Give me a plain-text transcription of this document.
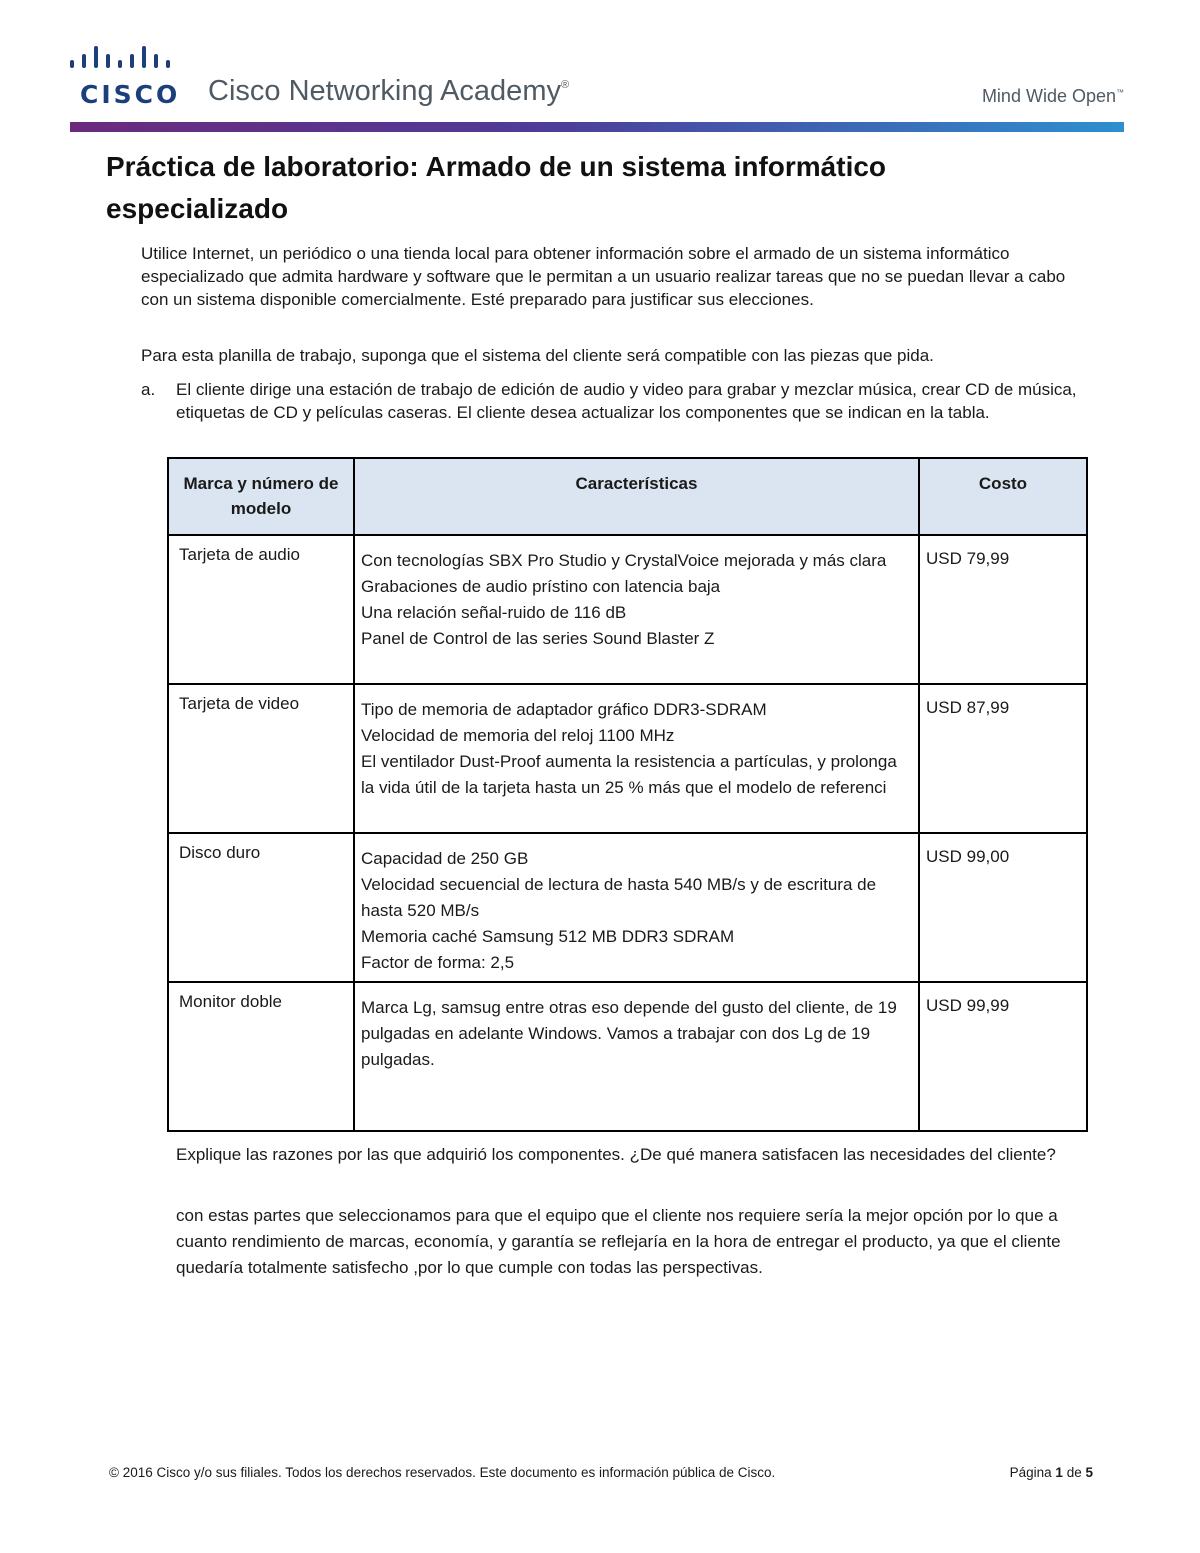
CISCO Cisco Networking Academy®
Mind Wide Open™
Práctica de laboratorio: Armado de un sistema informático especializado

Utilice Internet, un periódico o una tienda local para obtener información sobre el armado de un sistema informático especializado que admita hardware y software que le permitan a un usuario realizar tareas que no se puedan llevar a cabo con un sistema disponible comercialmente. Esté preparado para justificar sus elecciones.

Para esta planilla de trabajo, suponga que el sistema del cliente será compatible con las piezas que pida.

a. El cliente dirige una estación de trabajo de edición de audio y video para grabar y mezclar música, crear CD de música, etiquetas de CD y películas caseras. El cliente desea actualizar los componentes que se indican en la tabla.
Marca y número de modelo	Características	Costo
Tarjeta de audio	Con tecnologías SBX Pro Studio y CrystalVoice mejorada y más clara
Grabaciones de audio prístino con latencia baja
Una relación señal-ruido de 116 dB
Panel de Control de las series Sound Blaster Z	USD 79,99
Tarjeta de video	Tipo de memoria de adaptador gráfico DDR3-SDRAM
Velocidad de memoria del reloj 1100 MHz
El ventilador Dust-Proof aumenta la resistencia a partículas, y prolonga la vida útil de la tarjeta hasta un 25 % más que el modelo de referenci	USD 87,99
Disco duro	Capacidad de 250 GB
Velocidad secuencial de lectura de hasta 540 MB/s y de escritura de hasta 520 MB/s
Memoria caché Samsung 512 MB DDR3 SDRAM
Factor de forma: 2,5	USD 99,00
Monitor doble	Marca Lg, samsug entre otras eso depende del gusto del cliente, de 19 pulgadas en adelante Windows. Vamos a trabajar con dos Lg de 19 pulgadas.	USD 99,99

Explique las razones por las que adquirió los componentes. ¿De qué manera satisfacen las necesidades del cliente?

con estas partes que seleccionamos para que el equipo que el cliente nos requiere sería la mejor opción por lo que a cuanto rendimiento de marcas, economía, y garantía se reflejaría en la hora de entregar el producto, ya que el cliente quedaría totalmente satisfecho ,por lo que cumple con todas las perspectivas.

© 2016 Cisco y/o sus filiales. Todos los derechos reservados. Este documento es información pública de Cisco.	Página 1 de 5
